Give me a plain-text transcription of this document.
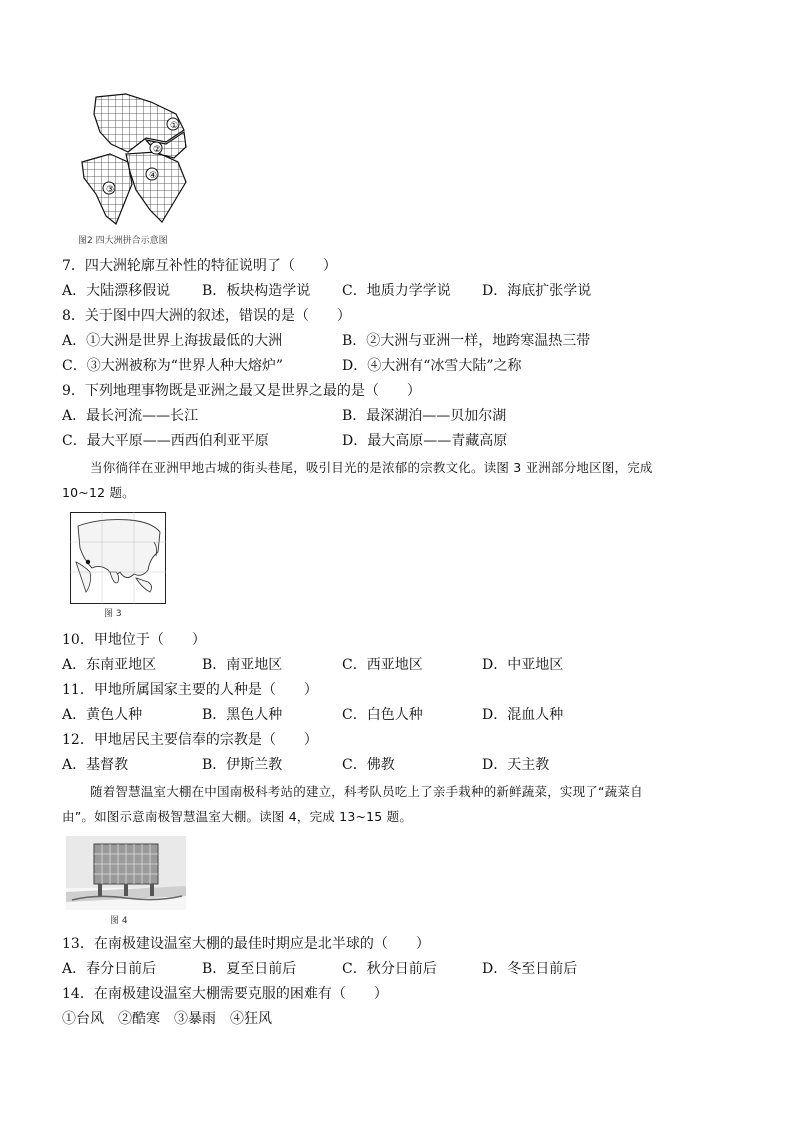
①
②
③
④
图2 四大洲拼合示意图
7．四大洲轮廓互补性的特征说明了（　　）
A．大陆漂移假说 B．板块构造学说 C．地质力学学说 D．海底扩张学说
8．关于图中四大洲的叙述，错误的是（　　）
A．①大洲是世界上海拔最低的大洲	B．②大洲与亚洲一样，地跨寒温热三带
C．③大洲被称为“世界人种大熔炉”	D．④大洲有“冰雪大陆”之称
9．下列地理事物既是亚洲之最又是世界之最的是（　　）
A．最长河流——长江	B．最深湖泊——贝加尔湖
C．最大平原——西西伯利亚平原	D．最大高原——青藏高原
当你徜徉在亚洲甲地古城的街头巷尾，吸引目光的是浓郁的宗教文化。读图 3 亚洲部分地区图，完成
10~12 题。
图 3
10．甲地位于（　　）
A．东南亚地区	B．南亚地区	C．西亚地区	D．中亚地区
11．甲地所属国家主要的人种是（　　）
A．黄色人种	B．黑色人种	C．白色人种	D．混血人种
12．甲地居民主要信奉的宗教是（　　）
A．基督教	B．伊斯兰教	C．佛教	D．天主教
随着智慧温室大棚在中国南极科考站的建立，科考队员吃上了亲手栽种的新鲜蔬菜，实现了“蔬菜自
由”。如图示意南极智慧温室大棚。读图 4，完成 13~15 题。
图 4
13．在南极建设温室大棚的最佳时期应是北半球的（　　）
A．春分日前后	B．夏至日前后	C．秋分日前后	D．冬至日前后
14．在南极建设温室大棚需要克服的困难有（　　）
①台风　②酷寒　③暴雨　④狂风
